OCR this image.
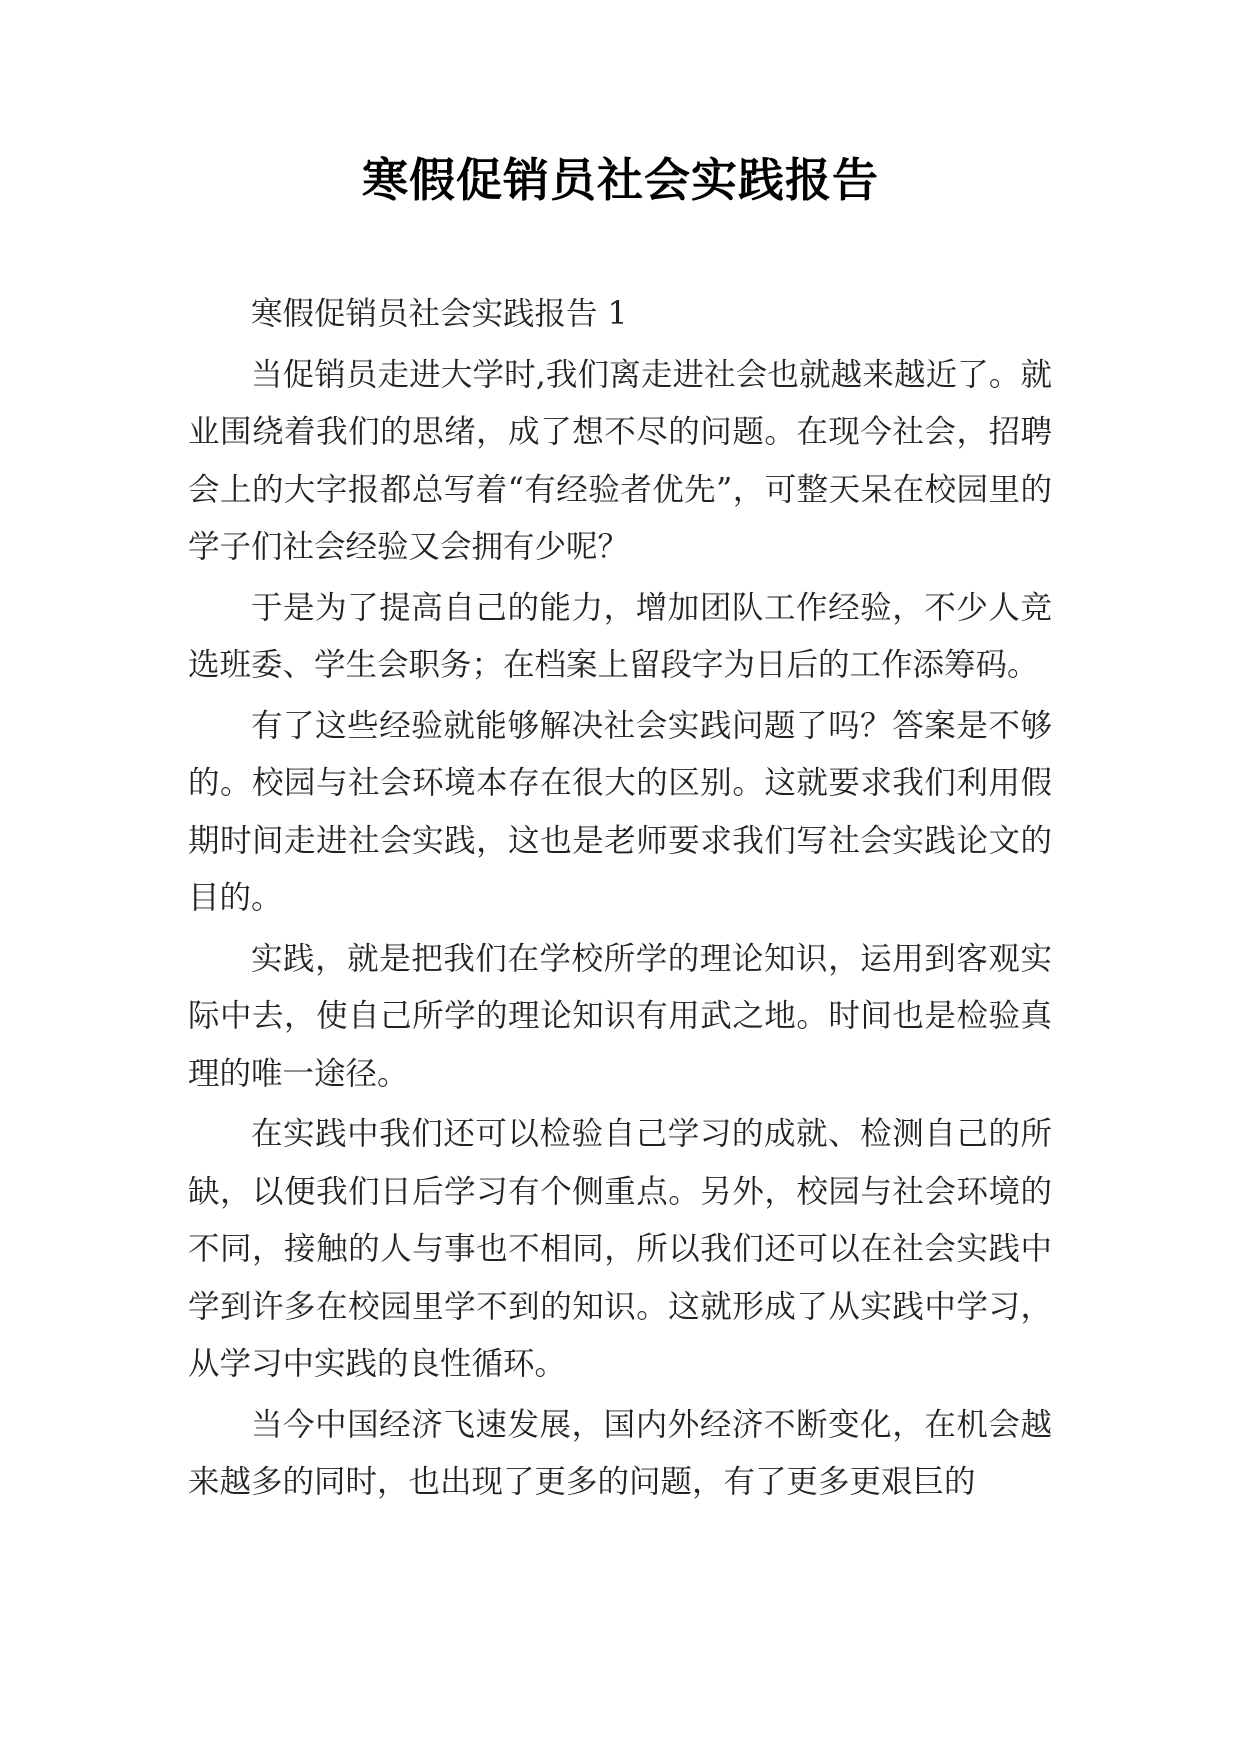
寒假促销员社会实践报告

寒假促销员社会实践报告 1

当促销员走进大学时,我们离走进社会也就越来越近了。就业围绕着我们的思绪，成了想不尽的问题。在现今社会，招聘会上的大字报都总写着“有经验者优先”，可整天呆在校园里的学子们社会经验又会拥有少呢？

于是为了提高自己的能力，增加团队工作经验，不少人竞选班委、学生会职务；在档案上留段字为日后的工作添筹码。

有了这些经验就能够解决社会实践问题了吗？答案是不够的。校园与社会环境本存在很大的区别。这就要求我们利用假期时间走进社会实践，这也是老师要求我们写社会实践论文的目的。

实践，就是把我们在学校所学的理论知识，运用到客观实际中去，使自己所学的理论知识有用武之地。时间也是检验真理的唯一途径。

在实践中我们还可以检验自己学习的成就、检测自己的所缺，以便我们日后学习有个侧重点。另外，校园与社会环境的不同，接触的人与事也不相同，所以我们还可以在社会实践中学到许多在校园里学不到的知识。这就形成了从实践中学习，从学习中实践的良性循环。

当今中国经济飞速发展，国内外经济不断变化，在机会越来越多的同时，也出现了更多的问题，有了更多更艰巨的
